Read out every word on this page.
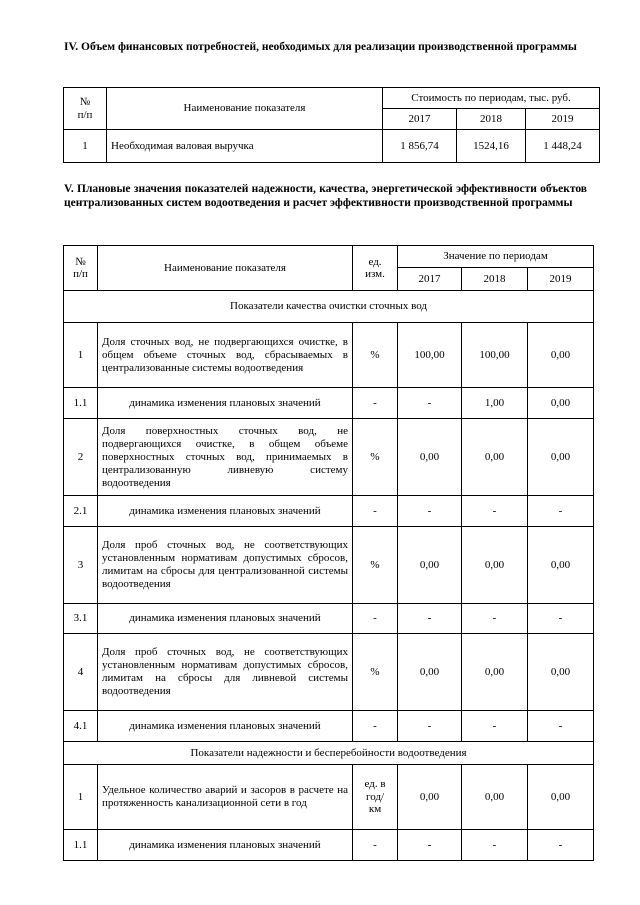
IV. Объем финансовых потребностей, необходимых для реализации производственной программы

№
п/п	Наименование показателя	Стоимость по периодам, тыс. руб.		
		2017	2018	2019
1	Необходимая валовая выручка	1 856,74	1524,16	1 448,24

V. Плановые значения показателей надежности, качества, энергетической эффективности объектов централизованных систем водоотведения и расчет эффективности производственной программы

№
п/п	Наименование показателя	ед.
изм.	Значение по периодам		
			2017	2018	2019
Показатели качества очистки сточных вод					
1	Доля сточных вод, не подвергающихся очистке, в общем объеме сточных вод, сбрасываемых в централизованные системы водоотведения	%	100,00	100,00	0,00
1.1	динамика изменения плановых значений	-	-	1,00	0,00
2	Доля поверхностных сточных вод, не подвергающихся очистке, в общем объеме поверхностных сточных вод, принимаемых в централизованную ливневую систему водоотведения	%	0,00	0,00	0,00
2.1	динамика изменения плановых значений	-	-	-	-
3	Доля проб сточных вод, не соответствующих установленным нормативам допустимых сбросов, лимитам на сбросы для централизованной системы водоотведения	%	0,00	0,00	0,00
3.1	динамика изменения плановых значений	-	-	-	-
4	Доля проб сточных вод, не соответствующих установленным нормативам допустимых сбросов, лимитам на сбросы для ливневой системы водоотведения	%	0,00	0,00	0,00
4.1	динамика изменения плановых значений	-	-	-	-
Показатели надежности и бесперебойности водоотведения					
1	Удельное количество аварий и засоров в расчете на протяженность канализационной сети в год	ед. в
год/
км	0,00	0,00	0,00
1.1	динамика изменения плановых значений	-	-	-	-
